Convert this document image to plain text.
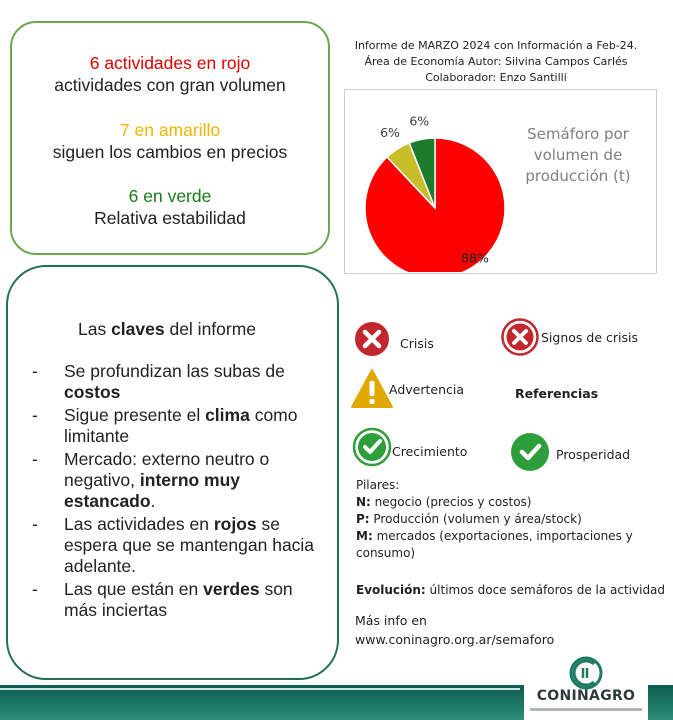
6 actividades en rojo
actividades con gran volumen
7 en amarillo
siguen los cambios en precios
6 en verde
Relativa estabilidad
Las claves del informe
- Se profundizan las subas de costos
- Sigue presente el clima como limitante
- Mercado: externo neutro o negativo, interno muy estancado.
- Las actividades en rojos se espera que se mantengan hacia adelante.
- Las que están en verdes son más inciertas
Informe de MARZO 2024 con Información a Feb-24.
Área de Economía Autor: Silvina Campos Carlés
Colaborador: Enzo Santilli
88%
6%
6%
Semáforo por volumen de producción (t)
Crisis	Signos de crisis
Advertencia	Referencias
Crecimiento	Prosperidad
Pilares:
N: negocio (precios y costos)
P: Producción (volumen y área/stock)
M: mercados (exportaciones, importaciones y consumo)
Evolución: últimos doce semáforos de la actividad
Más info en
www.coninagro.org.ar/semaforo
CONINAGRO
